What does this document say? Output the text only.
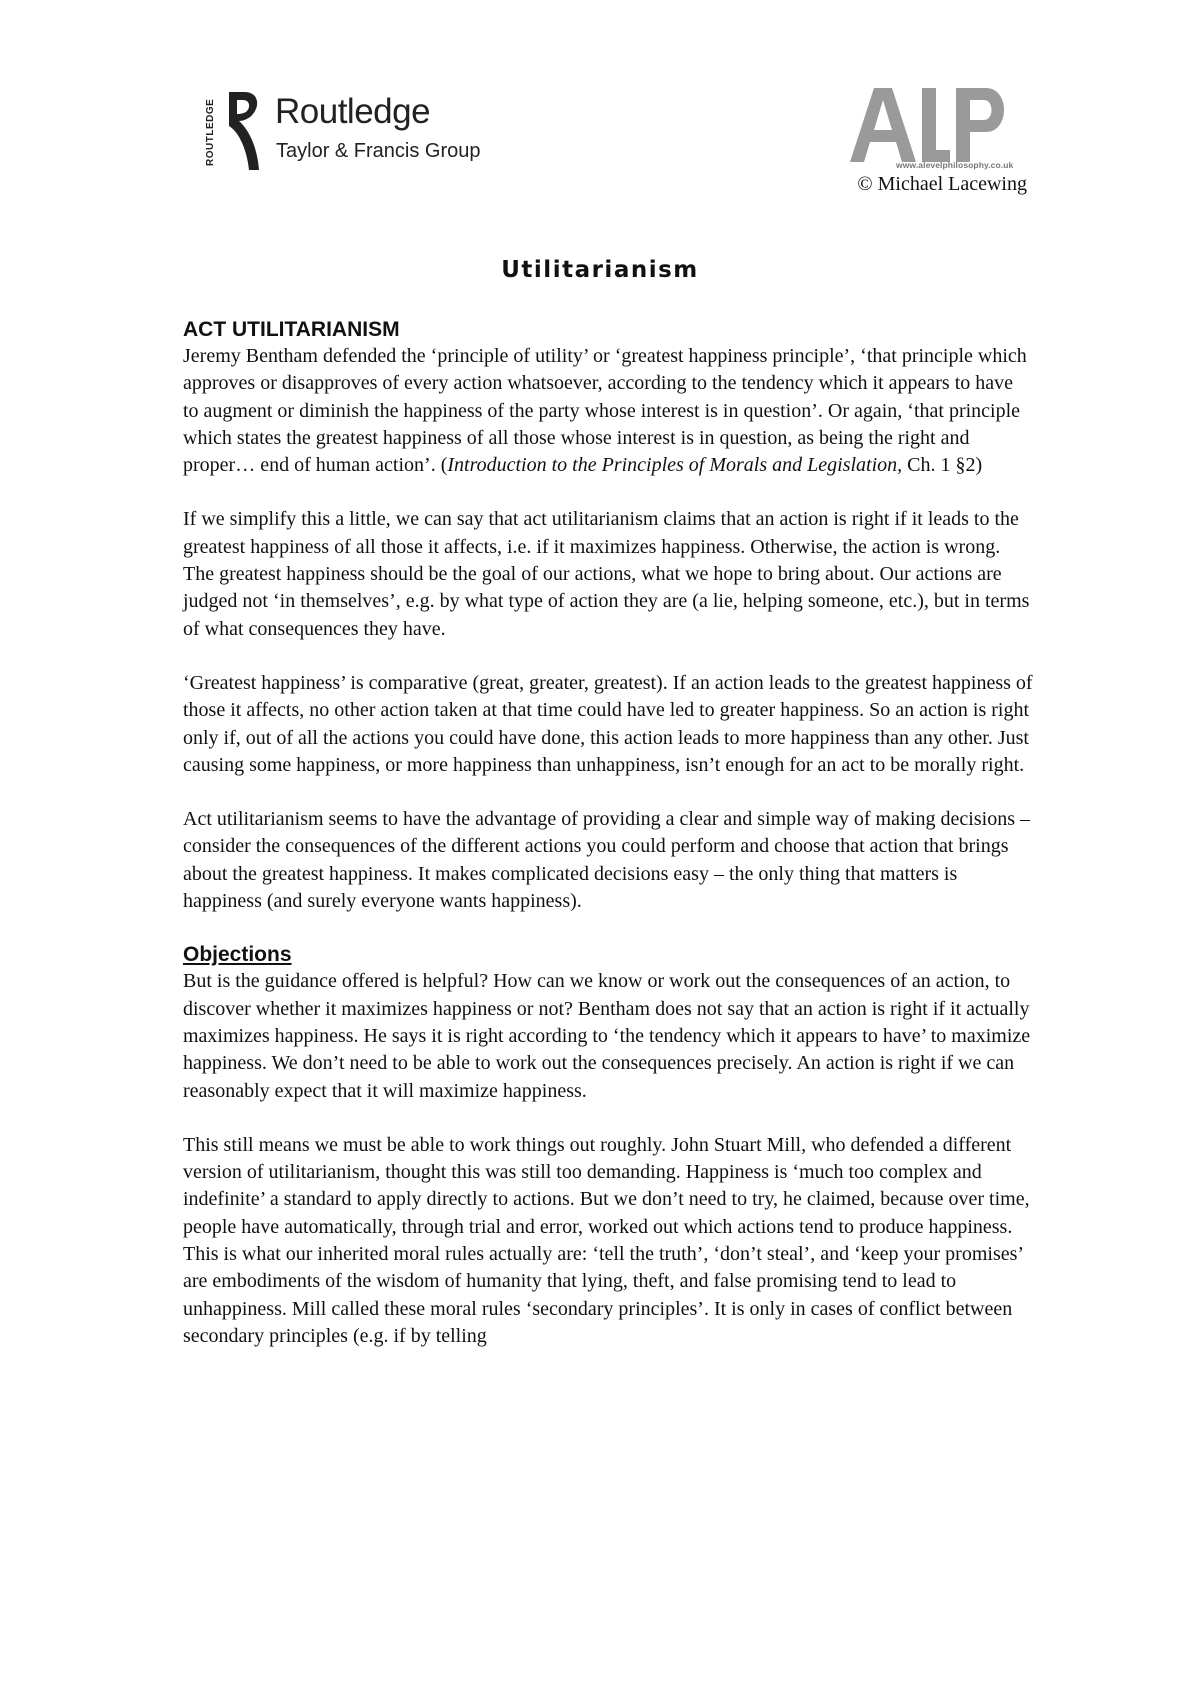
ROUTLEDGE Routledge
Taylor & Francis Group
www.alevelphilosophy.co.uk
© Michael Lacewing
Utilitarianism
ACT UTILITARIANISM

Jeremy Bentham defended the ‘principle of utility’ or ‘greatest happiness principle’, ‘that principle which approves or disapproves of every action whatsoever, according to the tendency which it appears to have to augment or diminish the happiness of the party whose interest is in question’. Or again, ‘that principle which states the greatest happiness of all those whose interest is in question, as being the right and proper… end of human action’. (Introduction to the Principles of Morals and Legislation, Ch. 1 §2)

If we simplify this a little, we can say that act utilitarianism claims that an action is right if it leads to the greatest happiness of all those it affects, i.e. if it maximizes happiness. Otherwise, the action is wrong. The greatest happiness should be the goal of our actions, what we hope to bring about. Our actions are judged not ‘in themselves’, e.g. by what type of action they are (a lie, helping someone, etc.), but in terms of what consequences they have.

‘Greatest happiness’ is comparative (great, greater, greatest). If an action leads to the greatest happiness of those it affects, no other action taken at that time could have led to greater happiness. So an action is right only if, out of all the actions you could have done, this action leads to more happiness than any other. Just causing some happiness, or more happiness than unhappiness, isn’t enough for an act to be morally right.

Act utilitarianism seems to have the advantage of providing a clear and simple way of making decisions – consider the consequences of the different actions you could perform and choose that action that brings about the greatest happiness. It makes complicated decisions easy – the only thing that matters is happiness (and surely everyone wants happiness).

Objections

But is the guidance offered is helpful? How can we know or work out the consequences of an action, to discover whether it maximizes happiness or not? Bentham does not say that an action is right if it actually maximizes happiness. He says it is right according to ‘the tendency which it appears to have’ to maximize happiness. We don’t need to be able to work out the consequences precisely. An action is right if we can reasonably expect that it will maximize happiness.

This still means we must be able to work things out roughly. John Stuart Mill, who defended a different version of utilitarianism, thought this was still too demanding. Happiness is ‘much too complex and indefinite’ a standard to apply directly to actions. But we don’t need to try, he claimed, because over time, people have automatically, through trial and error, worked out which actions tend to produce happiness. This is what our inherited moral rules actually are: ‘tell the truth’, ‘don’t steal’, and ‘keep your promises’ are embodiments of the wisdom of humanity that lying, theft, and false promising tend to lead to unhappiness. Mill called these moral rules ‘secondary principles’. It is only in cases of conflict between secondary principles (e.g. if by telling
